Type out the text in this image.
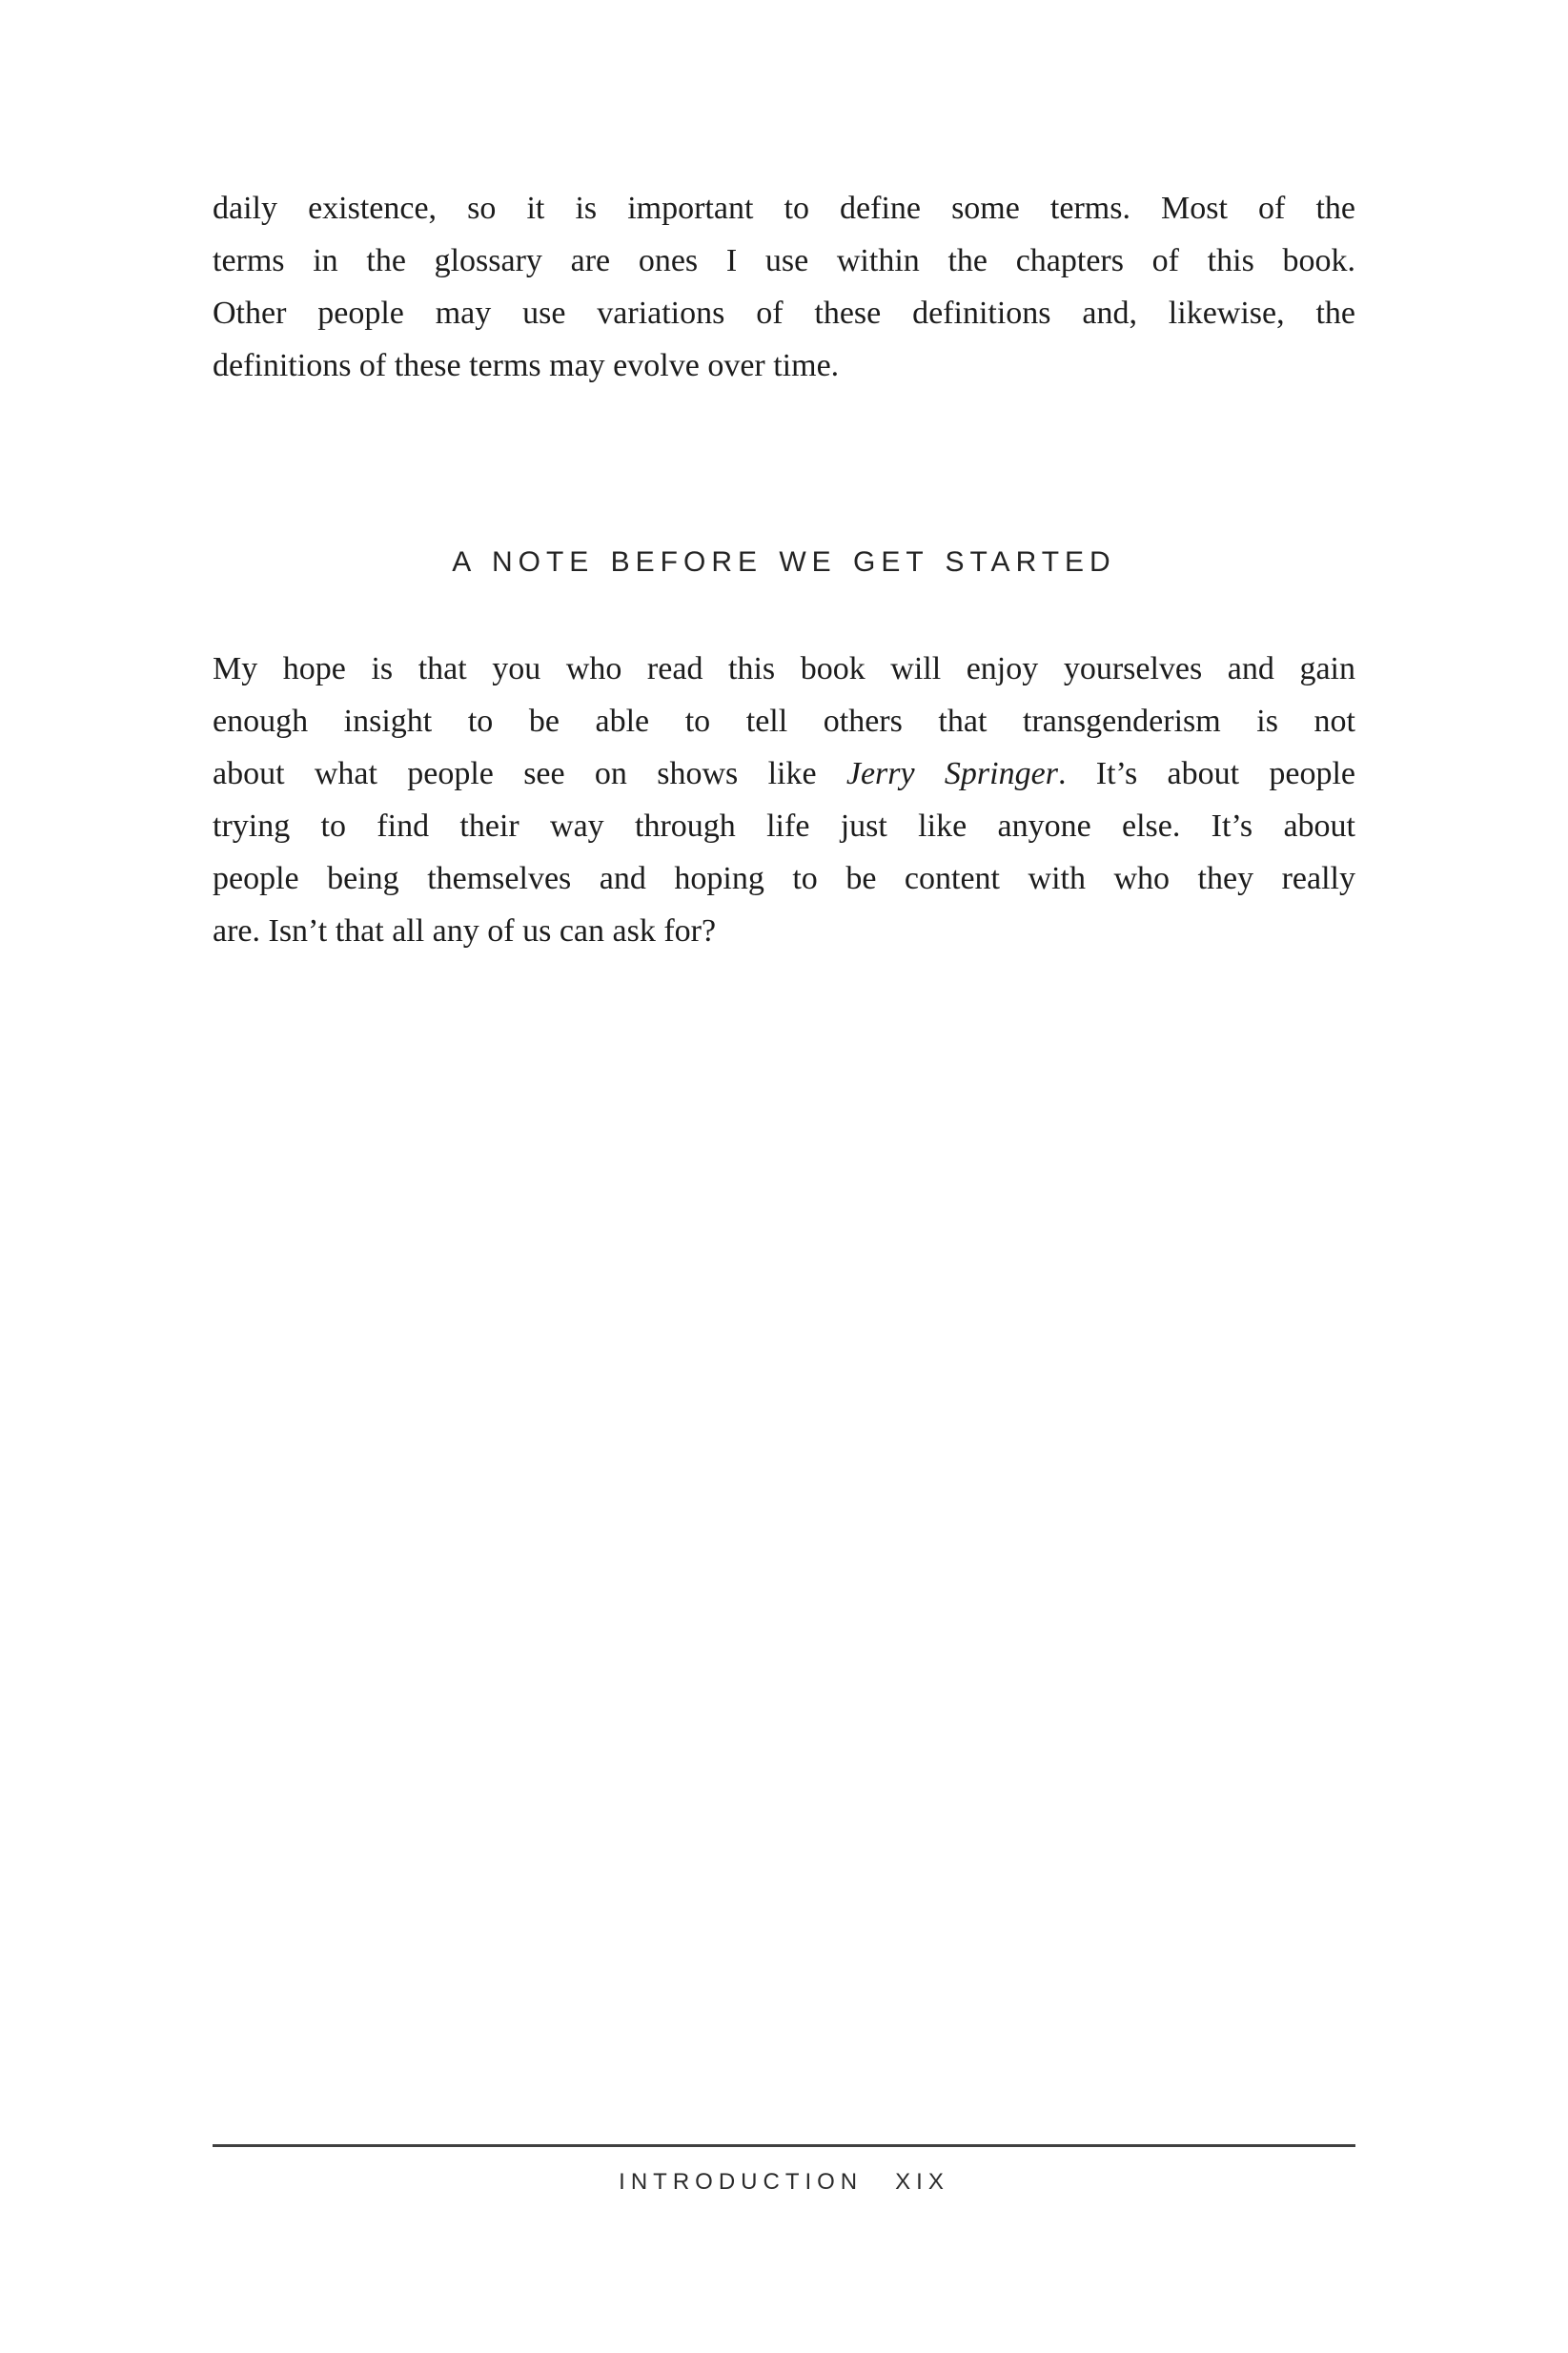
daily existence, so it is important to define some terms. Most of the
terms in the glossary are ones I use within the chapters of this book.
Other people may use variations of these definitions and, likewise, the
definitions of these terms may evolve over time.
A NOTE BEFORE WE GET STARTED
My hope is that you who read this book will enjoy yourselves and gain
enough insight to be able to tell others that transgenderism is not
about what people see on shows like Jerry Springer. It’s about people
trying to find their way through life just like anyone else. It’s about
people being themselves and hoping to be content with who they really
are. Isn’t that all any of us can ask for?
INTRODUCTION XIX
